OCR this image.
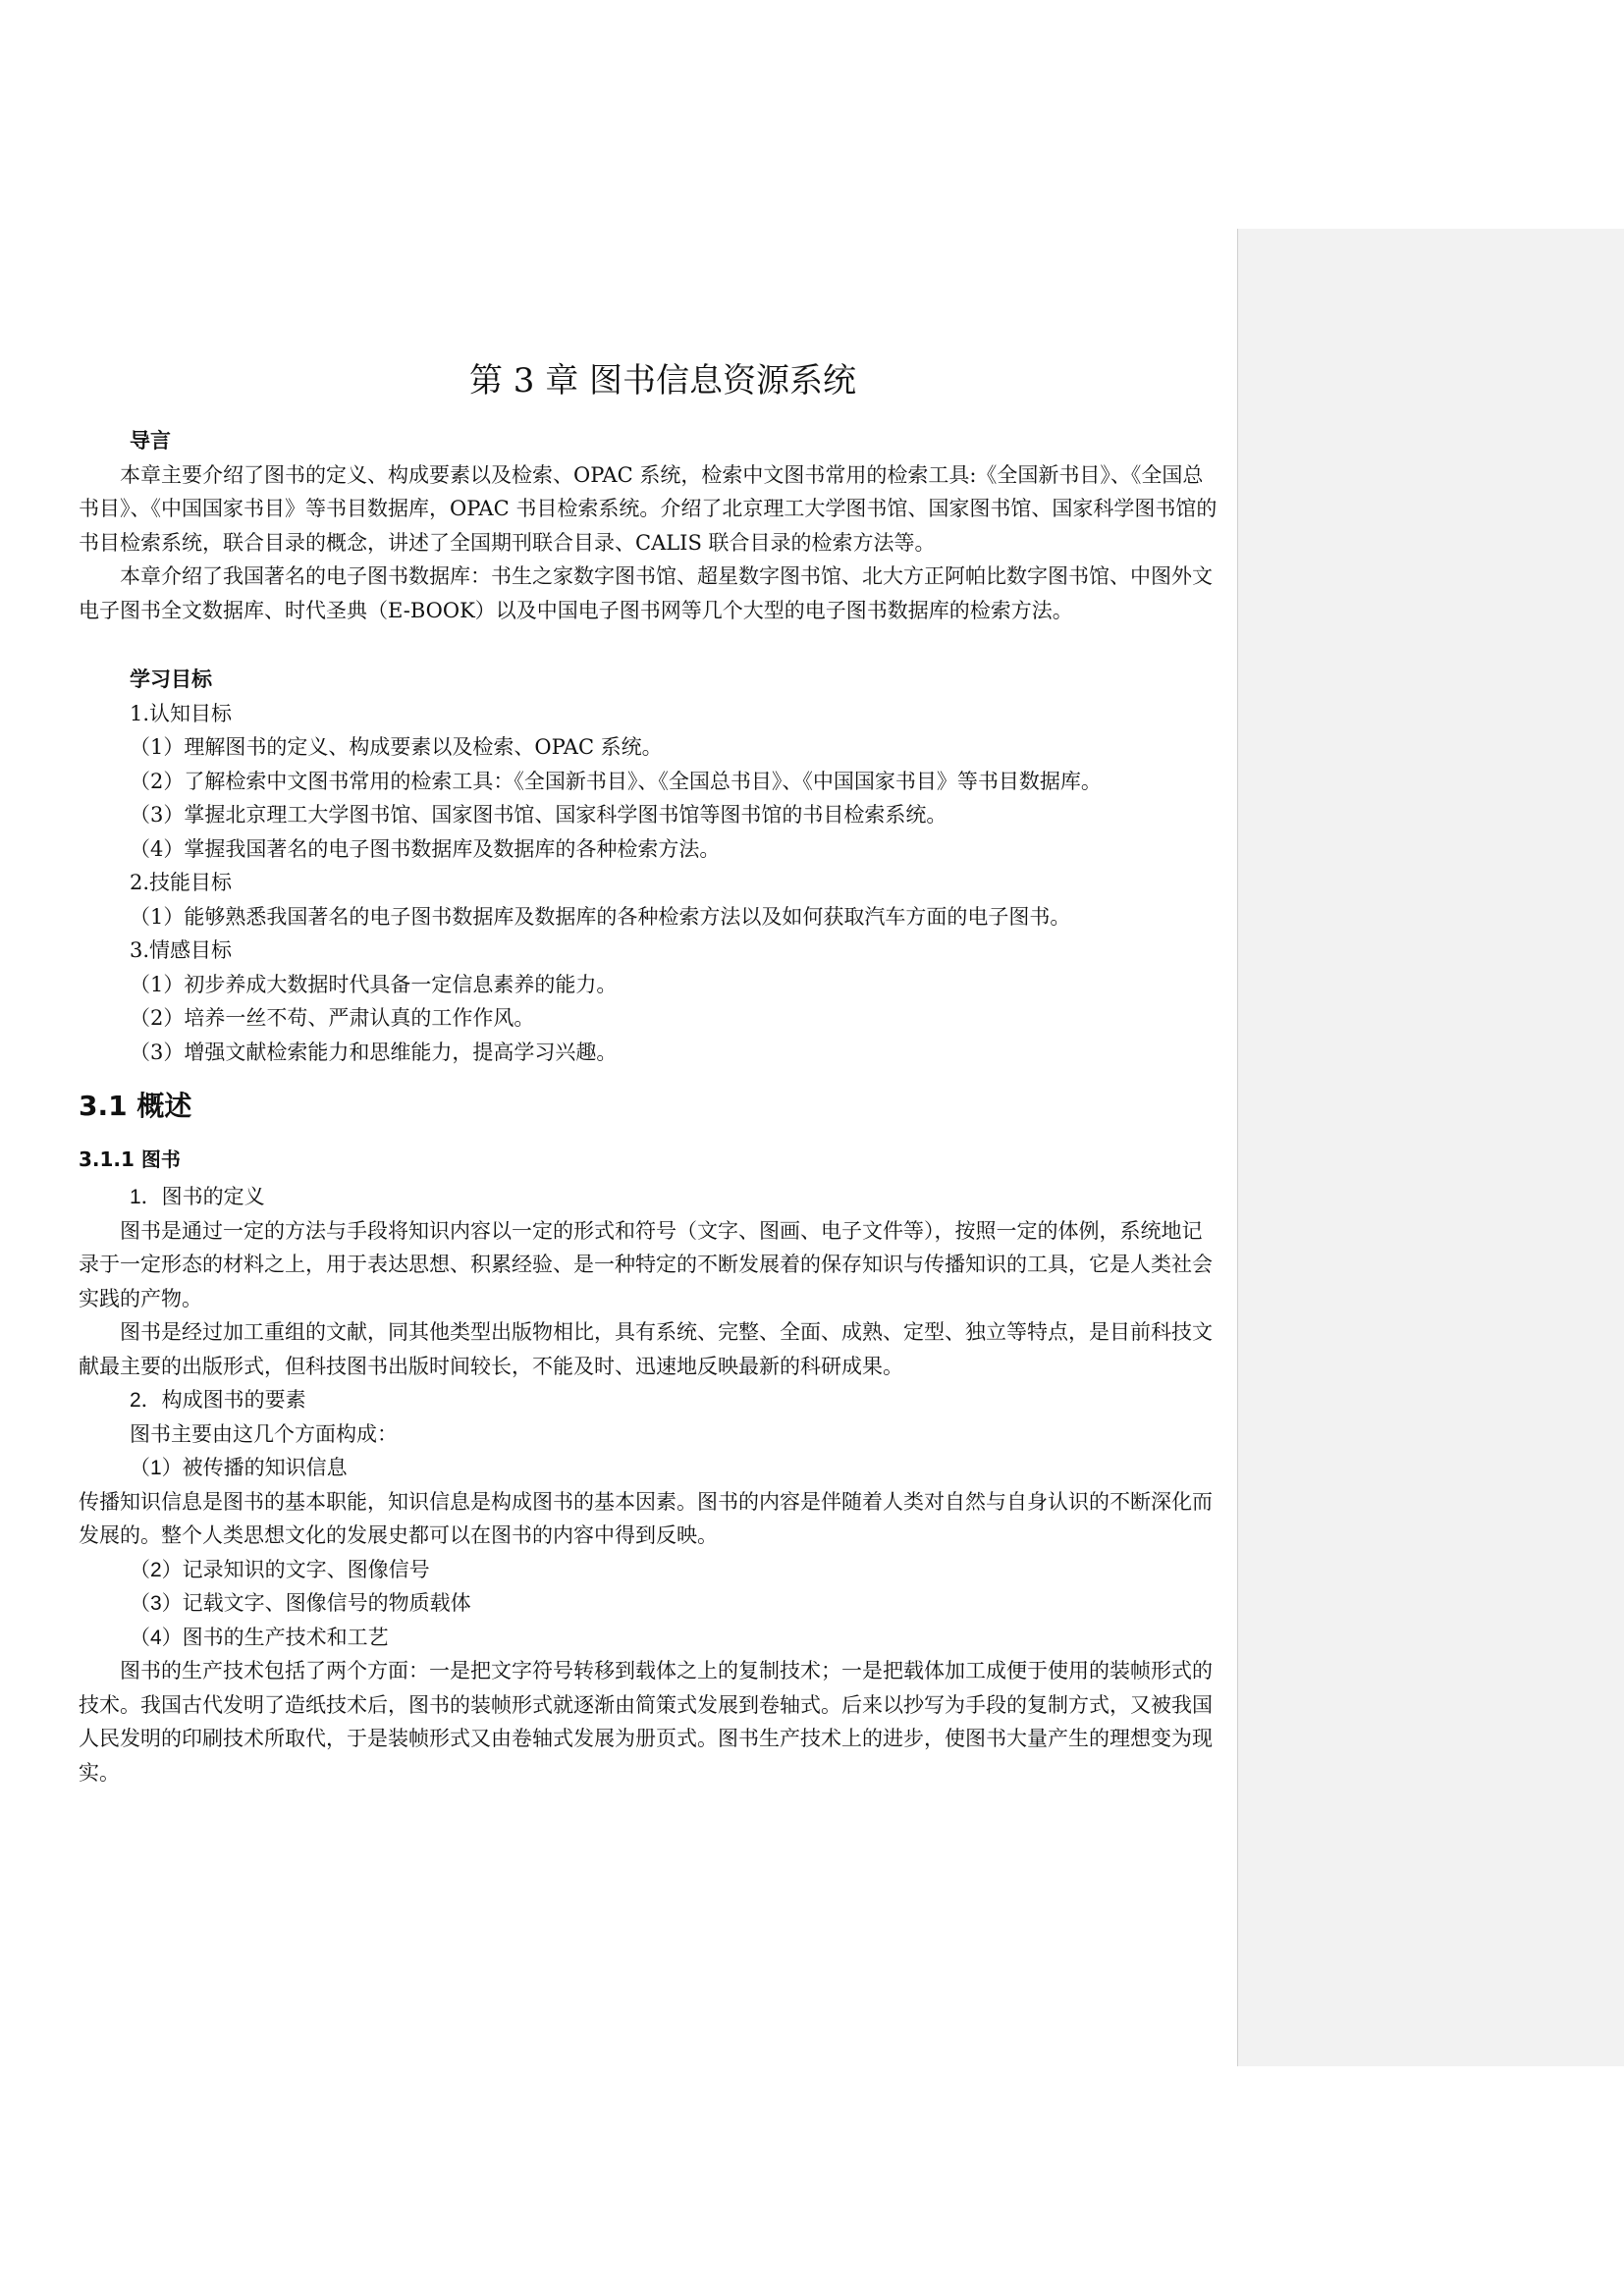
第 3 章 图书信息资源系统

导言

本章主要介绍了图书的定义、构成要素以及检索、OPAC 系统，检索中文图书常用的检索工具:《全国新书目》、《全国总书目》、《中国国家书目》等书目数据库，OPAC 书目检索系统。介绍了北京理工大学图书馆、国家图书馆、国家科学图书馆的书目检索系统，联合目录的概念，讲述了全国期刊联合目录、CALIS 联合目录的检索方法等。

本章介绍了我国著名的电子图书数据库：书生之家数字图书馆、超星数字图书馆、北大方正阿帕比数字图书馆、中图外文电子图书全文数据库、时代圣典（E-BOOK）以及中国电子图书网等几个大型的电子图书数据库的检索方法。

学习目标

1.认知目标

（1）理解图书的定义、构成要素以及检索、OPAC 系统。

（2）了解检索中文图书常用的检索工具：《全国新书目》、《全国总书目》、《中国国家书目》等书目数据库。

（3）掌握北京理工大学图书馆、国家图书馆、国家科学图书馆等图书馆的书目检索系统。

（4）掌握我国著名的电子图书数据库及数据库的各种检索方法。

2.技能目标

（1）能够熟悉我国著名的电子图书数据库及数据库的各种检索方法以及如何获取汽车方面的电子图书。

3.情感目标

（1）初步养成大数据时代具备一定信息素养的能力。

（2）培养一丝不苟、严肃认真的工作作风。

（3）增强文献检索能力和思维能力，提高学习兴趣。

3.1 概述
3.1.1 图书

1．图书的定义

图书是通过一定的方法与手段将知识内容以一定的形式和符号（文字、图画、电子文件等），按照一定的体例，系统地记录于一定形态的材料之上，用于表达思想、积累经验、是一种特定的不断发展着的保存知识与传播知识的工具，它是人类社会实践的产物。

图书是经过加工重组的文献，同其他类型出版物相比，具有系统、完整、全面、成熟、定型、独立等特点，是目前科技文献最主要的出版形式，但科技图书出版时间较长，不能及时、迅速地反映最新的科研成果。

2．构成图书的要素

图书主要由这几个方面构成：

（1）被传播的知识信息

传播知识信息是图书的基本职能，知识信息是构成图书的基本因素。图书的内容是伴随着人类对自然与自身认识的不断深化而发展的。整个人类思想文化的发展史都可以在图书的内容中得到反映。

（2）记录知识的文字、图像信号

（3）记载文字、图像信号的物质载体

（4）图书的生产技术和工艺

图书的生产技术包括了两个方面：一是把文字符号转移到载体之上的复制技术；一是把载体加工成便于使用的装帧形式的技术。我国古代发明了造纸技术后，图书的装帧形式就逐渐由简策式发展到卷轴式。后来以抄写为手段的复制方式，又被我国人民发明的印刷技术所取代，于是装帧形式又由卷轴式发展为册页式。图书生产技术上的进步，使图书大量产生的理想变为现实。
